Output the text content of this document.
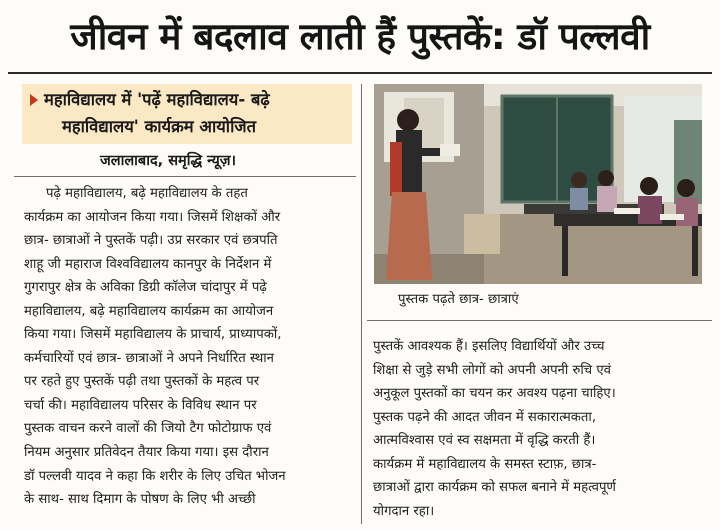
जीवन में बदलाव लाती हैं पुस्तकें: डॉ पल्लवी
महाविद्यालय में 'पढ़ें महाविद्यालय- बढ़े
महाविद्यालय' कार्यक्रम आयोजित
जलालाबाद, समृद्धि न्यूज़।
पढ़े महाविद्यालय, बढ़े महाविद्यालय के तहत
कार्यक्रम का आयोजन किया गया। जिसमें शिक्षकों और
छात्र- छात्राओं ने पुस्तकें पढ़ी। उप्र सरकार एवं छत्रपति
शाहू जी महाराज विश्वविद्यालय कानपुर के निर्देशन में
गुगरापुर क्षेत्र के अविका डिग्री कॉलेज चांदापुर में पढ़े
महाविद्यालय, बढ़े महाविद्यालय कार्यक्रम का आयोजन
किया गया। जिसमें महाविद्यालय के प्राचार्य, प्राध्यापकों,
कर्मचारियों एवं छात्र- छात्राओं ने अपने निर्धारित स्थान
पर रहते हुए पुस्तकें पढ़ी तथा पुस्तकों के महत्व पर
चर्चा की। महाविद्यालय परिसर के विविध स्थान पर
पुस्तक वाचन करने वालों की जियो टैग फोटोग्राफ एवं
नियम अनुसार प्रतिवेदन तैयार किया गया। इस दौरान
डॉ पल्लवी यादव ने कहा कि शरीर के लिए उचित भोजन
के साथ- साथ दिमाग के पोषण के लिए भी अच्छी
पुस्तक पढ़ते छात्र- छात्राएं
पुस्तकें आवश्यक हैं। इसलिए विद्यार्थियों और उच्च
शिक्षा से जुड़े सभी लोगों को अपनी अपनी रुचि एवं
अनुकूल पुस्तकों का चयन कर अवश्य पढ़ना चाहिए।
पुस्तक पढ़ने की आदत जीवन में सकारात्मकता,
आत्मविश्वास एवं स्व सक्षमता में वृद्धि करती हैं।
कार्यक्रम में महाविद्यालय के समस्त स्टाफ़, छात्र-
छात्राओं द्वारा कार्यक्रम को सफल बनाने में महत्वपूर्ण
योगदान रहा।
